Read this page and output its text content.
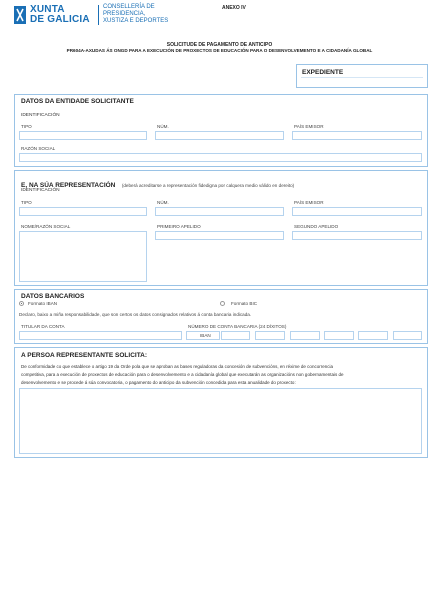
XUNTA
DE GALICIA
CONSELLERÍA DE
PRESIDENCIA,
XUSTIZA E DEPORTES
ANEXO IV
SOLICITUDE DE PAGAMENTO DE ANTICIPO
PR604A-AXUDAS ÁS ONGD PARA A EXECUCIÓN DE PROXECTOS DE EDUCACIÓN PARA O DESENVOLVEMENTO E A CIDADANÍA GLOBAL
EXPEDIENTE
DATOS DA ENTIDADE SOLICITANTE
IDENTIFICACIÓN
TIPO	NÚM.	PAÍS EMISOR
RAZÓN SOCIAL
E, NA SÚA REPRESENTACIÓN (deberá acreditarse a representación fidedigna por calquera medio válido en dereito)
IDENTIFICACIÓN
TIPO	NÚM.	PAÍS EMISOR
NOME/RAZÓN SOCIAL	PRIMEIRO APELIDO	SEGUNDO APELIDO
DATOS BANCARIOS
Formato IBAN	Formato BIC
Declaro, baixo a miña responsabilidade, que son certos os datos consignados relativos á conta bancaria indicada.
TITULAR DA CONTA	NÚMERO DE CONTA BANCARIA (24 DÍXITOS)
IBAN
A PERSOA REPRESENTANTE SOLICITA:
De conformidade co que establece o artigo 19 da Orde pola que se aproban as bases reguladoras da concesión de subvencións, en réxime de concorrencia
competitiva, para a execución de proxectos de educación para o desenvolvemento e a cidadanía global que executarán as organizacións non gobernamentais de
desenvolvemento e se procede á súa convocatoria, o pagamento do anticipo da subvención concedida para esta anualidade do proxecto:
